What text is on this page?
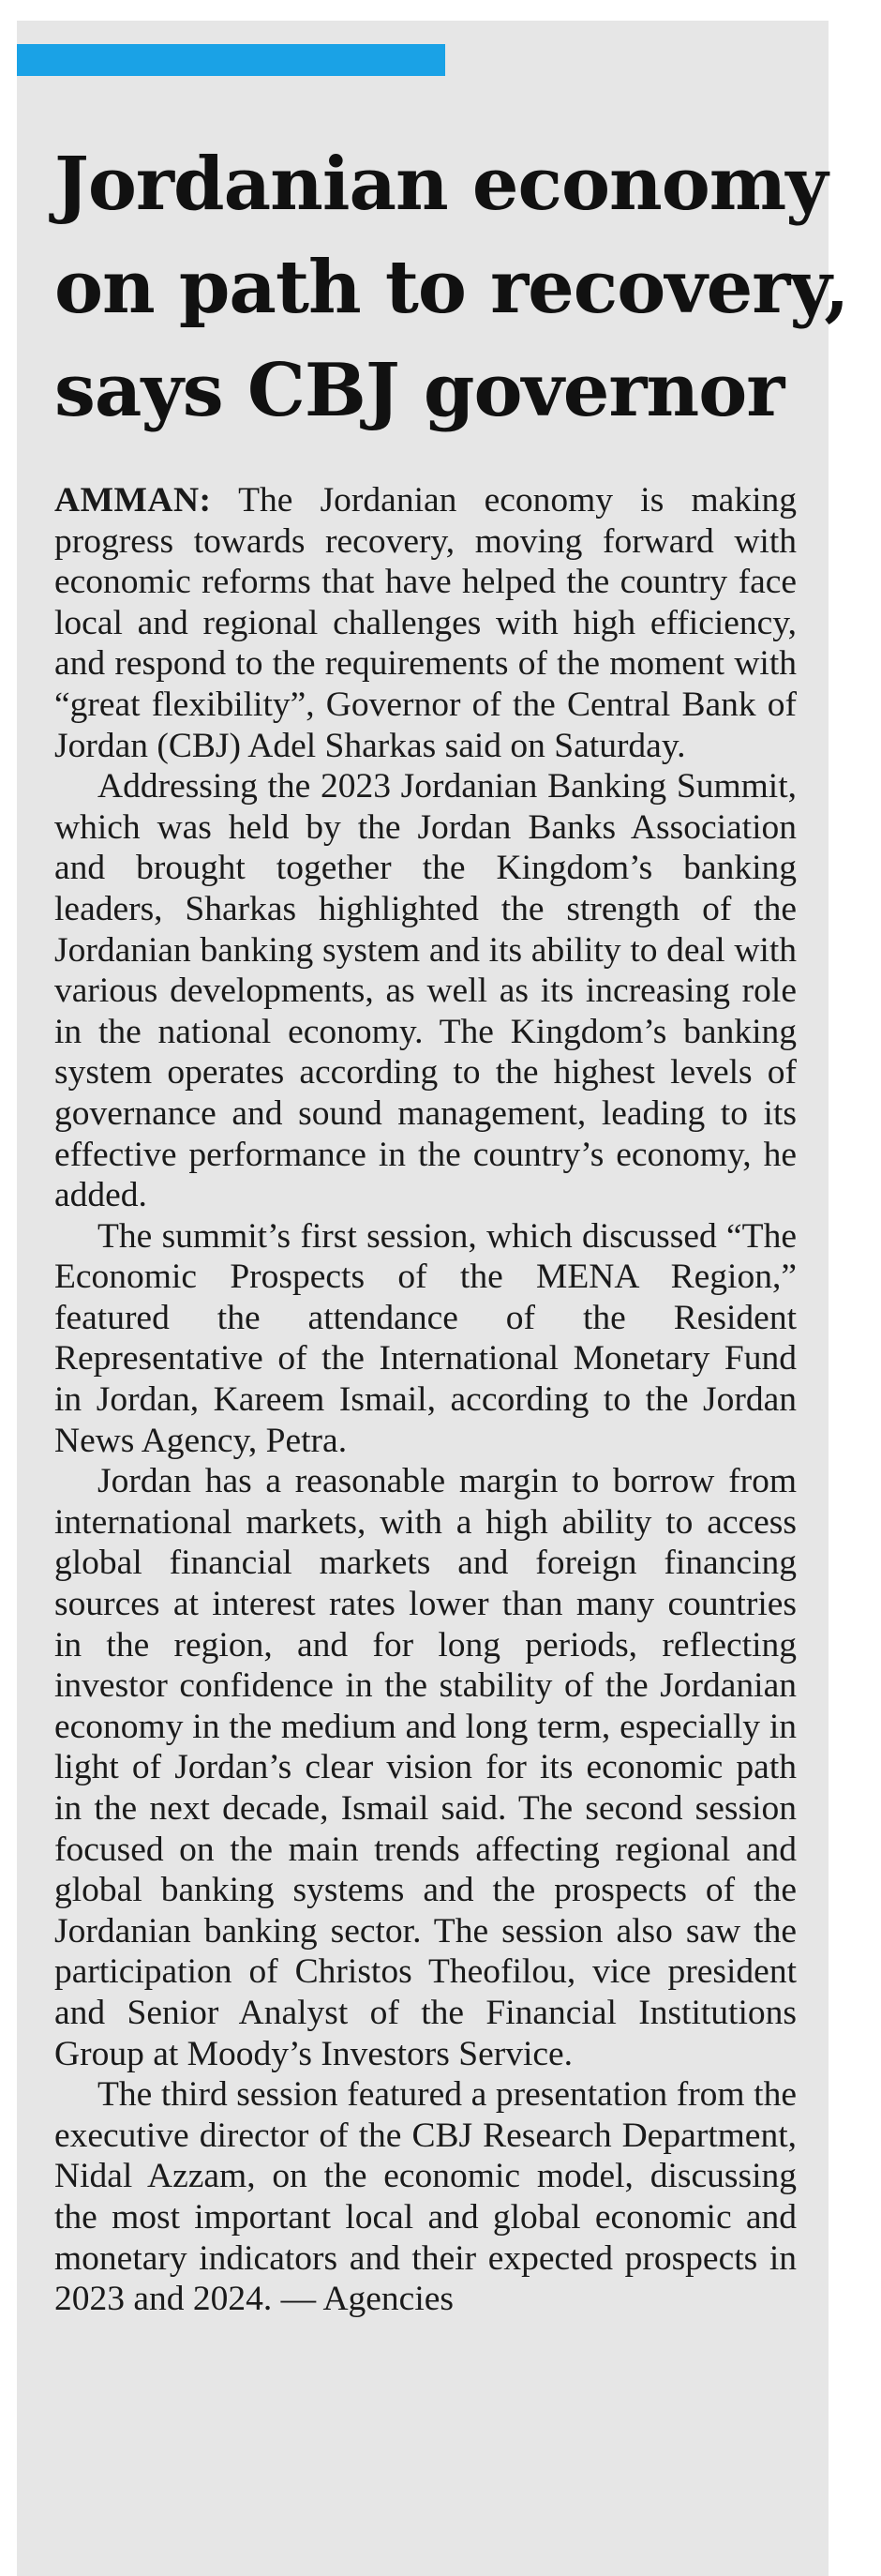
Jordanian economy
on path to recovery,
says CBJ governor

AMMAN: The Jordanian economy is making progress towards recovery, moving forward with economic reforms that have helped the country face local and regional challenges with high efficiency, and respond to the requirements of the moment with “great flexibility”, Governor of the Central Bank of Jordan (CBJ) Adel Sharkas said on Saturday.

Addressing the 2023 Jordanian Banking Summit, which was held by the Jordan Banks Association and brought together the Kingdom’s banking leaders, Sharkas highlighted the strength of the Jordanian banking system and its ability to deal with various developments, as well as its increasing role in the national economy. The Kingdom’s banking system operates according to the highest levels of governance and sound management, leading to its effective performance in the country’s economy, he added.

The summit’s first session, which discussed “The Economic Prospects of the MENA Region,” featured the attendance of the Resident Representative of the International Monetary Fund in Jordan, Kareem Ismail, according to the Jordan News Agency, Petra.

Jordan has a reasonable margin to borrow from international markets, with a high ability to access global financial markets and foreign financing sources at interest rates lower than many countries in the region, and for long periods, reflecting investor confidence in the stability of the Jordanian economy in the medium and long term, especially in light of Jordan’s clear vision for its economic path in the next decade, Ismail said. The second session focused on the main trends affecting regional and global banking systems and the prospects of the Jordanian banking sector. The session also saw the participation of Christos Theofilou, vice president and Senior Analyst of the Financial Institutions Group at Moody’s Investors Service.

The third session featured a presentation from the executive director of the CBJ Research Department, Nidal Azzam, on the economic model, discussing the most important local and global economic and monetary indicators and their expected prospects in 2023 and 2024. — Agencies
